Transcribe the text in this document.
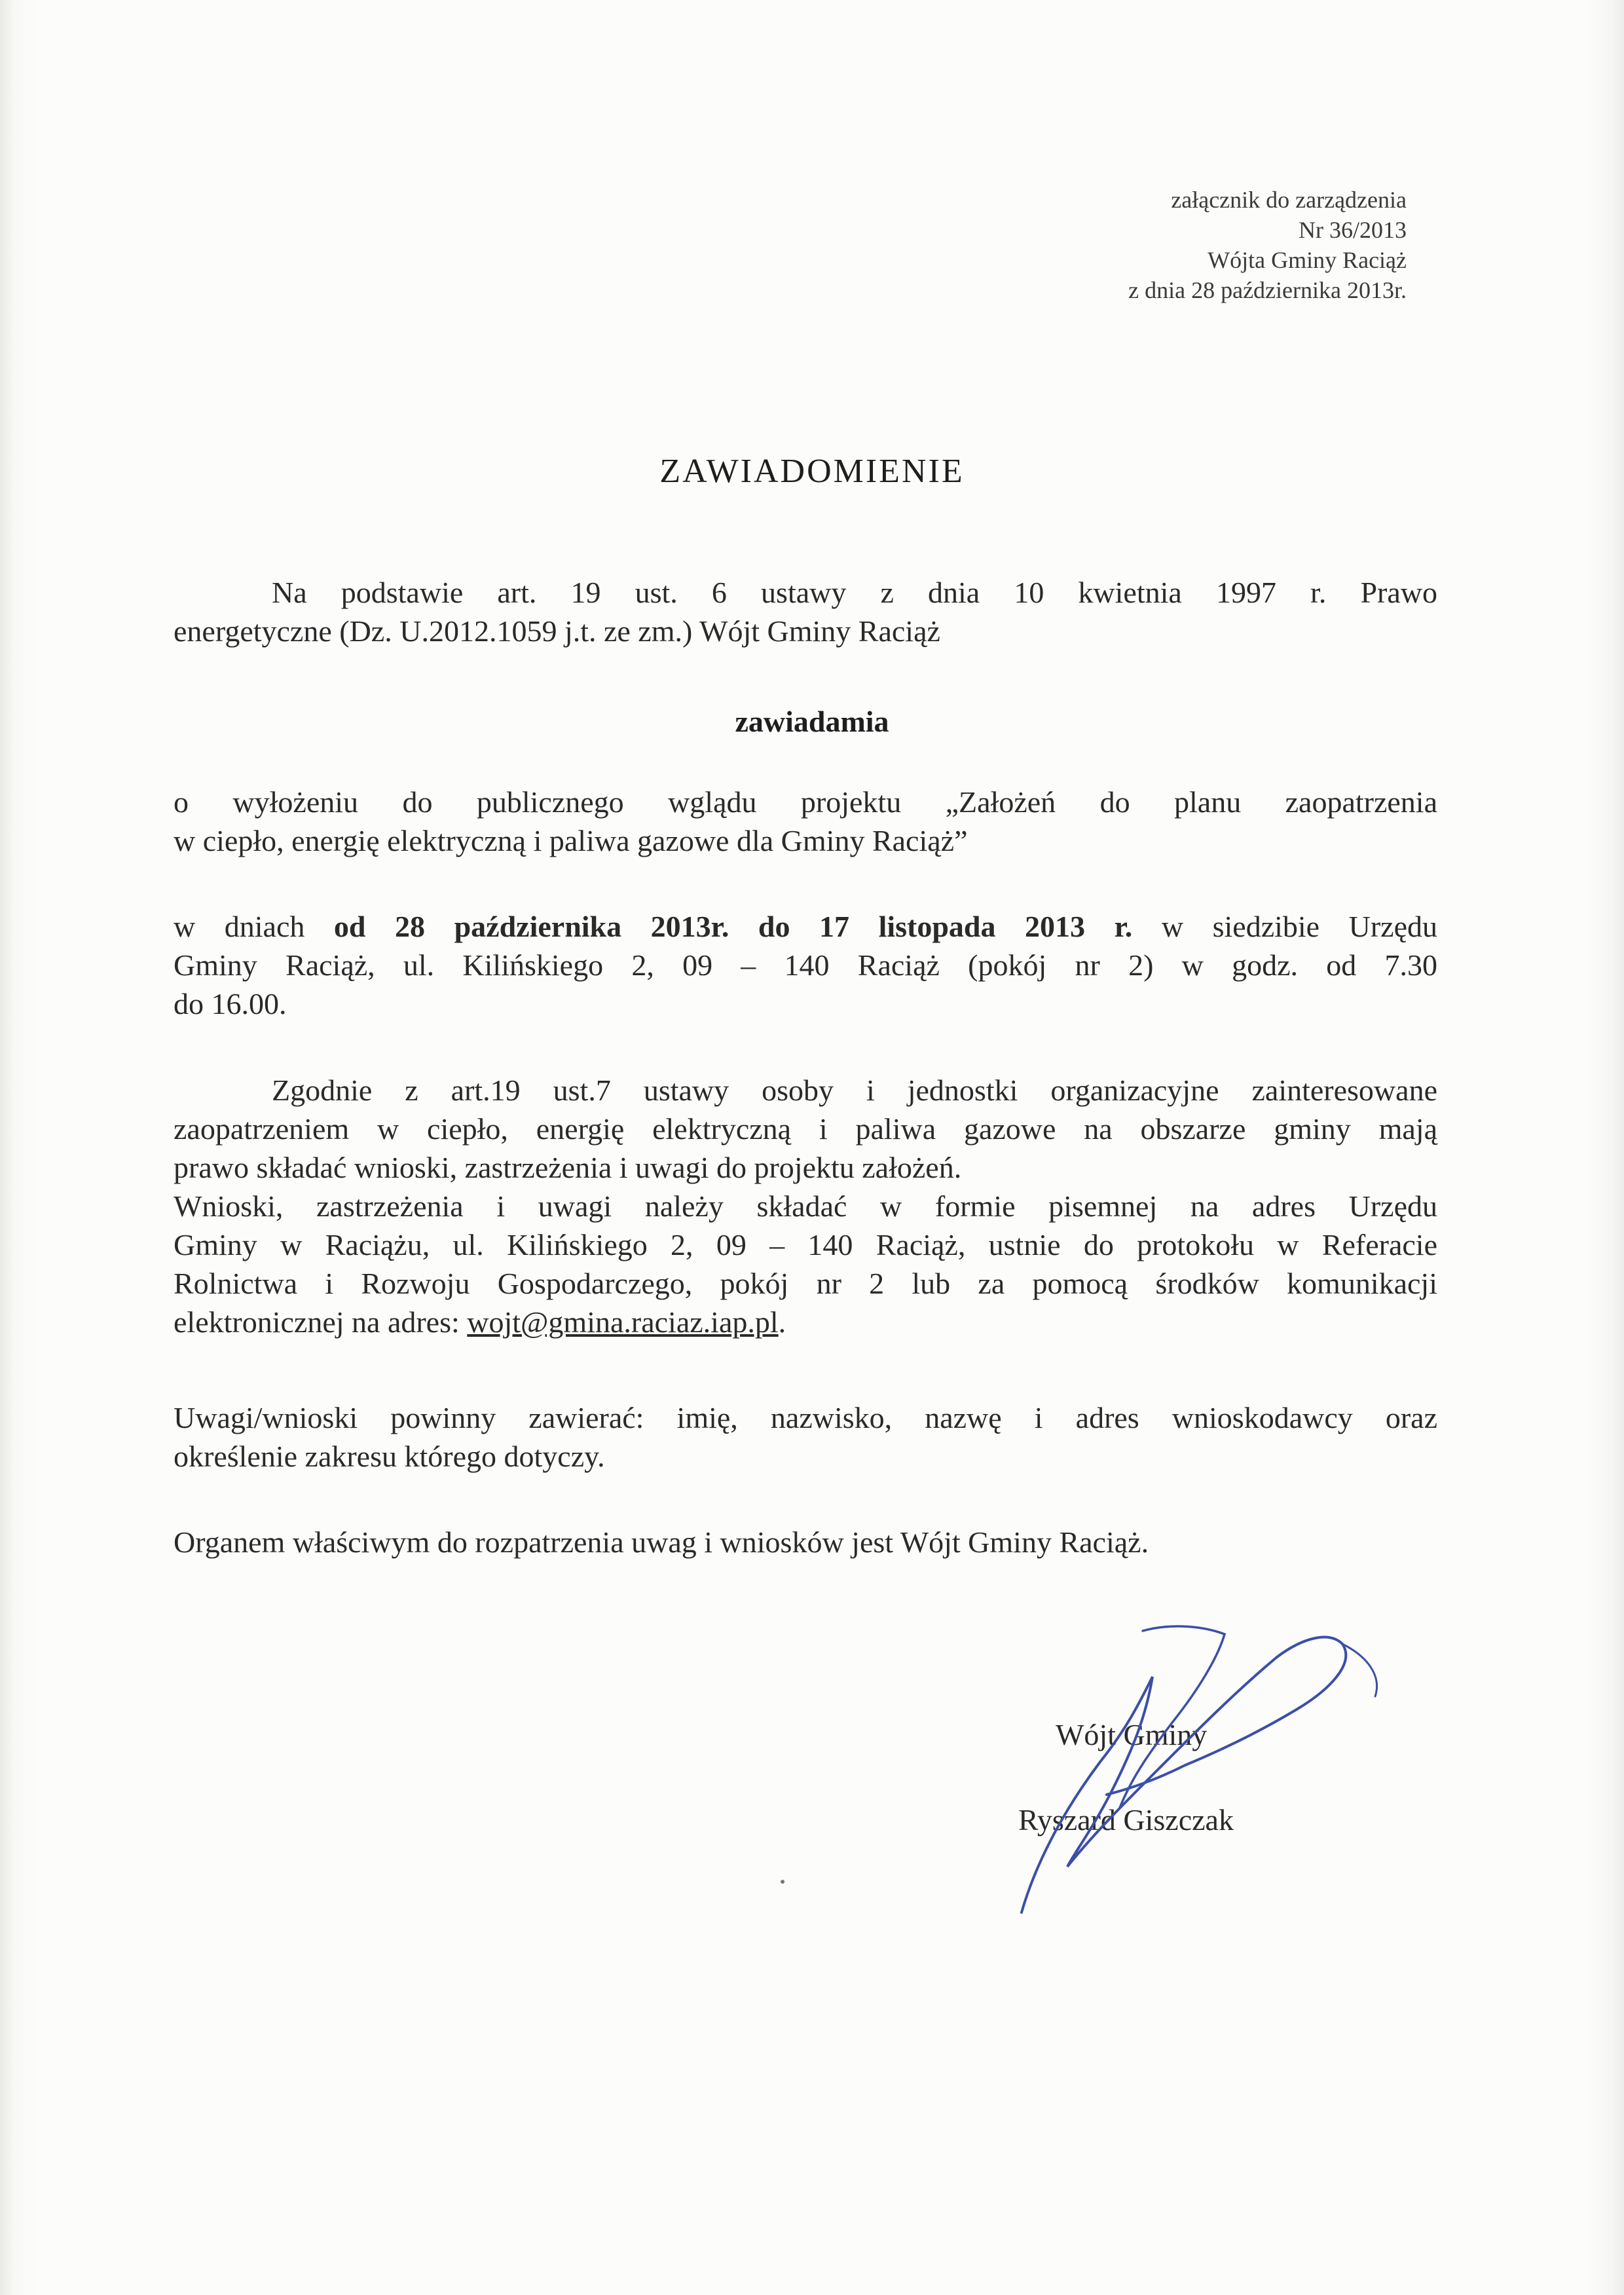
załącznik do zarządzenia
Nr 36/2013
Wójta Gminy Raciąż
z dnia 28 października 2013r.
ZAWIADOMIENIE
Na podstawie art. 19 ust. 6 ustawy z dnia 10 kwietnia 1997 r. Prawo
energetyczne (Dz. U.2012.1059 j.t. ze zm.) Wójt Gminy Raciąż
zawiadamia
o wyłożeniu do publicznego wglądu projektu „Założeń do planu zaopatrzenia
w ciepło, energię elektryczną i paliwa gazowe dla Gminy Raciąż”
w dniach od 28 października 2013r. do 17 listopada 2013 r. w siedzibie Urzędu
Gminy Raciąż, ul. Kilińskiego 2, 09 – 140 Raciąż (pokój nr 2) w godz. od 7.30
do 16.00.
Zgodnie z art.19 ust.7 ustawy osoby i jednostki organizacyjne zainteresowane
zaopatrzeniem w ciepło, energię elektryczną i paliwa gazowe na obszarze gminy mają
prawo składać wnioski, zastrzeżenia i uwagi do projektu założeń.
Wnioski, zastrzeżenia i uwagi należy składać w formie pisemnej na adres Urzędu
Gminy w Raciążu, ul. Kilińskiego 2, 09 – 140 Raciąż, ustnie do protokołu w Referacie
Rolnictwa i Rozwoju Gospodarczego, pokój nr 2 lub za pomocą środków komunikacji
elektronicznej na adres: wojt@gmina.raciaz.iap.pl.
Uwagi/wnioski powinny zawierać: imię, nazwisko, nazwę i adres wnioskodawcy oraz
określenie zakresu którego dotyczy.
Organem właściwym do rozpatrzenia uwag i wniosków jest Wójt Gminy Raciąż.
Wójt Gminy
Ryszard Giszczak
